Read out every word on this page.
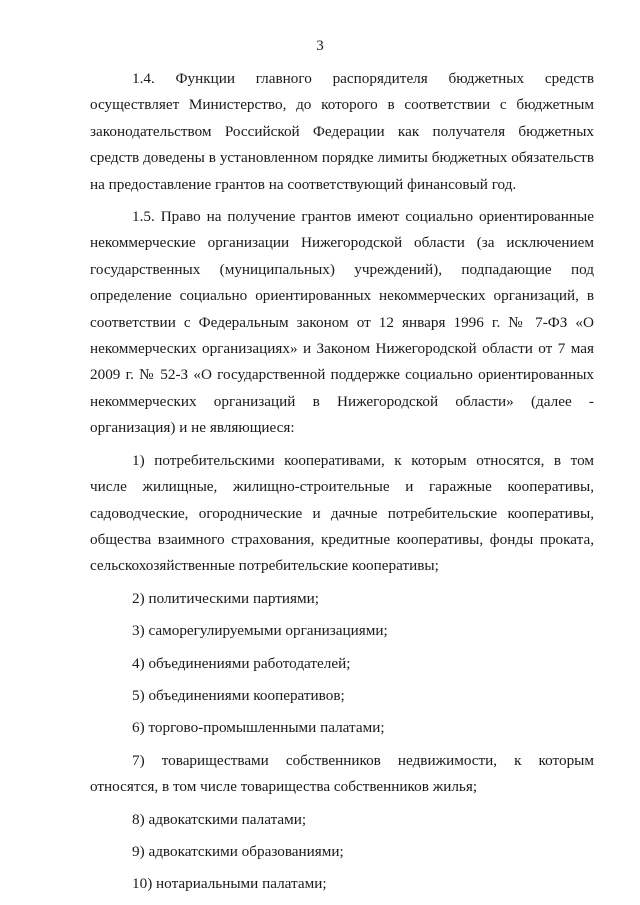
3

1.4. Функции главного распорядителя бюджетных средств осуществляет Министерство, до которого в соответствии с бюджетным законодательством Российской Федерации как получателя бюджетных средств доведены в установленном порядке лимиты бюджетных обязательств на предоставление грантов на соответствующий финансовый год.

1.5. Право на получение грантов имеют социально ориентированные некоммерческие организации Нижегородской области (за исключением государственных (муниципальных) учреждений), подпадающие под определение социально ориентированных некоммерческих организаций, в соответствии с Федеральным законом от 12 января 1996 г. № 7-ФЗ «О некоммерческих организациях» и Законом Нижегородской области от 7 мая 2009 г. № 52-З «О государственной поддержке социально ориентированных некоммерческих организаций в Нижегородской области» (далее - организация) и не являющиеся:

1) потребительскими кооперативами, к которым относятся, в том числе жилищные, жилищно-строительные и гаражные кооперативы, садоводческие, огороднические и дачные потребительские кооперативы, общества взаимного страхования, кредитные кооперативы, фонды проката, сельскохозяйственные потребительские кооперативы;

2) политическими партиями;

3) саморегулируемыми организациями;

4) объединениями работодателей;

5) объединениями кооперативов;

6) торгово-промышленными палатами;

7) товариществами собственников недвижимости, к которым относятся, в том числе товарищества собственников жилья;

8) адвокатскими палатами;

9) адвокатскими образованиями;

10) нотариальными палатами;
